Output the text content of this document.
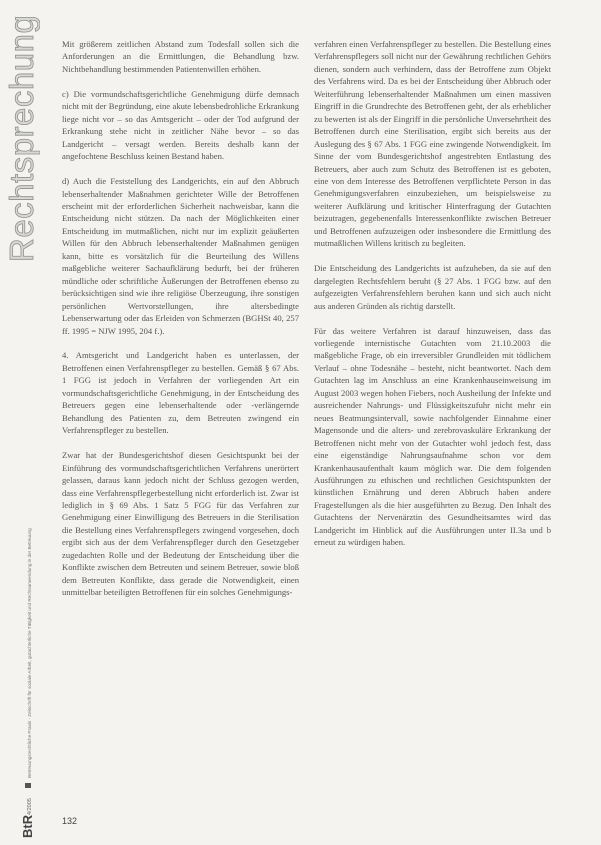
Rechtsprechung
BtR
4/2005
Betreuungsrechtliche Praxis · Zeitschrift für soziale Arbeit, gutachterliche Tätigkeit und Rechtsanwendung in der Betreuung

Mit größerem zeitlichen Abstand zum Todesfall sollen sich die Anforderungen an die Ermittlungen, die Behandlung bzw. Nichtbehandlung bestimmenden Patientenwillen erhöhen.

c) Die vormundschaftsgerichtliche Genehmigung dürfe demnach nicht mit der Begründung, eine akute lebensbedrohliche Erkrankung liege nicht vor – so das Amtsgericht – oder der Tod aufgrund der Erkrankung stehe nicht in zeitlicher Nähe bevor – so das Landgericht – versagt werden. Bereits deshalb kann der angefochtene Beschluss keinen Bestand haben.

d) Auch die Feststellung des Landgerichts, ein auf den Abbruch lebenserhaltender Maßnahmen gerichteter Wille der Betroffenen erscheint mit der erforderlichen Sicherheit nachweisbar, kann die Entscheidung nicht stützen. Da nach der Möglichkeiten einer Entscheidung im mutmaßlichen, nicht nur im explizit geäußerten Willen für den Abbruch lebenserhaltender Maßnahmen genügen kann, bitte es vorsätzlich für die Beurteilung des Willens maßgebliche weiterer Sachaufklärung bedurft, bei der früheren mündliche oder schriftliche Äußerungen der Betroffenen ebenso zu berücksichtigen sind wie ihre religiöse Überzeugung, ihre sonstigen persönlichen Wertvorstellungen, ihre altersbedingte Lebenserwartung oder das Erleiden von Schmerzen (BGHSt 40, 257 ff. 1995 = NJW 1995, 204 f.).

4. Amtsgericht und Landgericht haben es unterlassen, der Betroffenen einen Verfahrenspfleger zu bestellen. Gemäß § 67 Abs. 1 FGG ist jedoch in Verfahren der vorliegenden Art ein vormundschaftsgerichtliche Genehmigung, in der Entscheidung des Betreuers gegen eine lebenserhaltende oder -verlängernde Behandlung des Patienten zu, dem Betreuten zwingend ein Verfahrenspfleger zu bestellen.

Zwar hat der Bundesgerichtshof diesen Gesichtspunkt bei der Einführung des vormundschaftsgerichtlichen Verfahrens unerörtert gelassen, daraus kann jedoch nicht der Schluss gezogen werden, dass eine Verfahrenspflegerbestellung nicht erforderlich ist. Zwar ist lediglich in § 69 Abs. 1 Satz 5 FGG für das Verfahren zur Genehmigung einer Einwilligung des Betreuers in die Sterilisation die Bestellung eines Verfahrenspflegers zwingend vorgesehen, doch ergibt sich aus der dem Verfahrenspfleger durch den Gesetzgeber zugedachten Rolle und der Bedeutung der Entscheidung über die Konflikte zwischen dem Betreuten und seinem Betreuer, sowie bloß dem Betreuten Konflikte, dass gerade die Notwendigkeit, einen unmittelbar beteiligten Betroffenen für ein solches Genehmigungs-

verfahren einen Verfahrenspfleger zu bestellen. Die Bestellung eines Verfahrenspflegers soll nicht nur der Gewährung rechtlichen Gehörs dienen, sondern auch verhindern, dass der Betroffene zum Objekt des Verfahrens wird. Da es bei der Entscheidung über Abbruch oder Weiterführung lebenserhaltender Maßnahmen um einen massiven Eingriff in die Grundrechte des Betroffenen geht, der als erheblicher zu bewerten ist als der Eingriff in die persönliche Unversehrtheit des Betroffenen durch eine Sterilisation, ergibt sich bereits aus der Auslegung des § 67 Abs. 1 FGG eine zwingende Notwendigkeit. Im Sinne der vom Bundesgerichtshof angestrebten Entlastung des Betreuers, aber auch zum Schutz des Betroffenen ist es geboten, eine von dem Interesse des Betroffenen verpflichtete Person in das Genehmigungsverfahren einzubeziehen, um beispielsweise zu weiterer Aufklärung und kritischer Hinterfragung der Gutachten beizutragen, gegebenenfalls Interessenkonflikte zwischen Betreuer und Betroffenen aufzuzeigen oder insbesondere die Ermittlung des mutmaßlichen Willens kritisch zu begleiten.

Die Entscheidung des Landgerichts ist aufzuheben, da sie auf den dargelegten Rechtsfehlern beruht (§ 27 Abs. 1 FGG bzw. auf den aufgezeigten Verfahrensfehlern beruhen kann und sich auch nicht aus anderen Gründen als richtig darstellt.

Für das weitere Verfahren ist darauf hinzuweisen, dass das vorliegende internistische Gutachten vom 21.10.2003 die maßgebliche Frage, ob ein irreversibler Grundleiden mit tödlichem Verlauf – ohne Todesnähe – besteht, nicht beantwortet. Nach dem Gutachten lag im Anschluss an eine Krankenhauseinweisung im August 2003 wegen hohen Fiebers, noch Ausheilung der Infekte und ausreichender Nahrungs- und Flüssigkeitszufuhr nicht mehr ein neues Beatmungsintervall, sowie nachfolgender Einnahme einer Magensonde und die alters- und zerebrovaskuläre Erkrankung der Betroffenen nicht mehr von der Gutachter wohl jedoch fest, dass eine eigenständige Nahrungsaufnahme schon vor dem Krankenhausaufenthalt kaum möglich war. Die dem folgenden Ausführungen zu ethischen und rechtlichen Gesichtspunkten der künstlichen Ernährung und deren Abbruch haben andere Fragestellungen als die hier ausgeführten zu Bezug. Den Inhalt des Gutachtens der Nervenärztin des Gesundheitsamtes wird das Landgericht im Hinblick auf die Ausführungen unter II.3a und b erneut zu würdigen haben.

132
